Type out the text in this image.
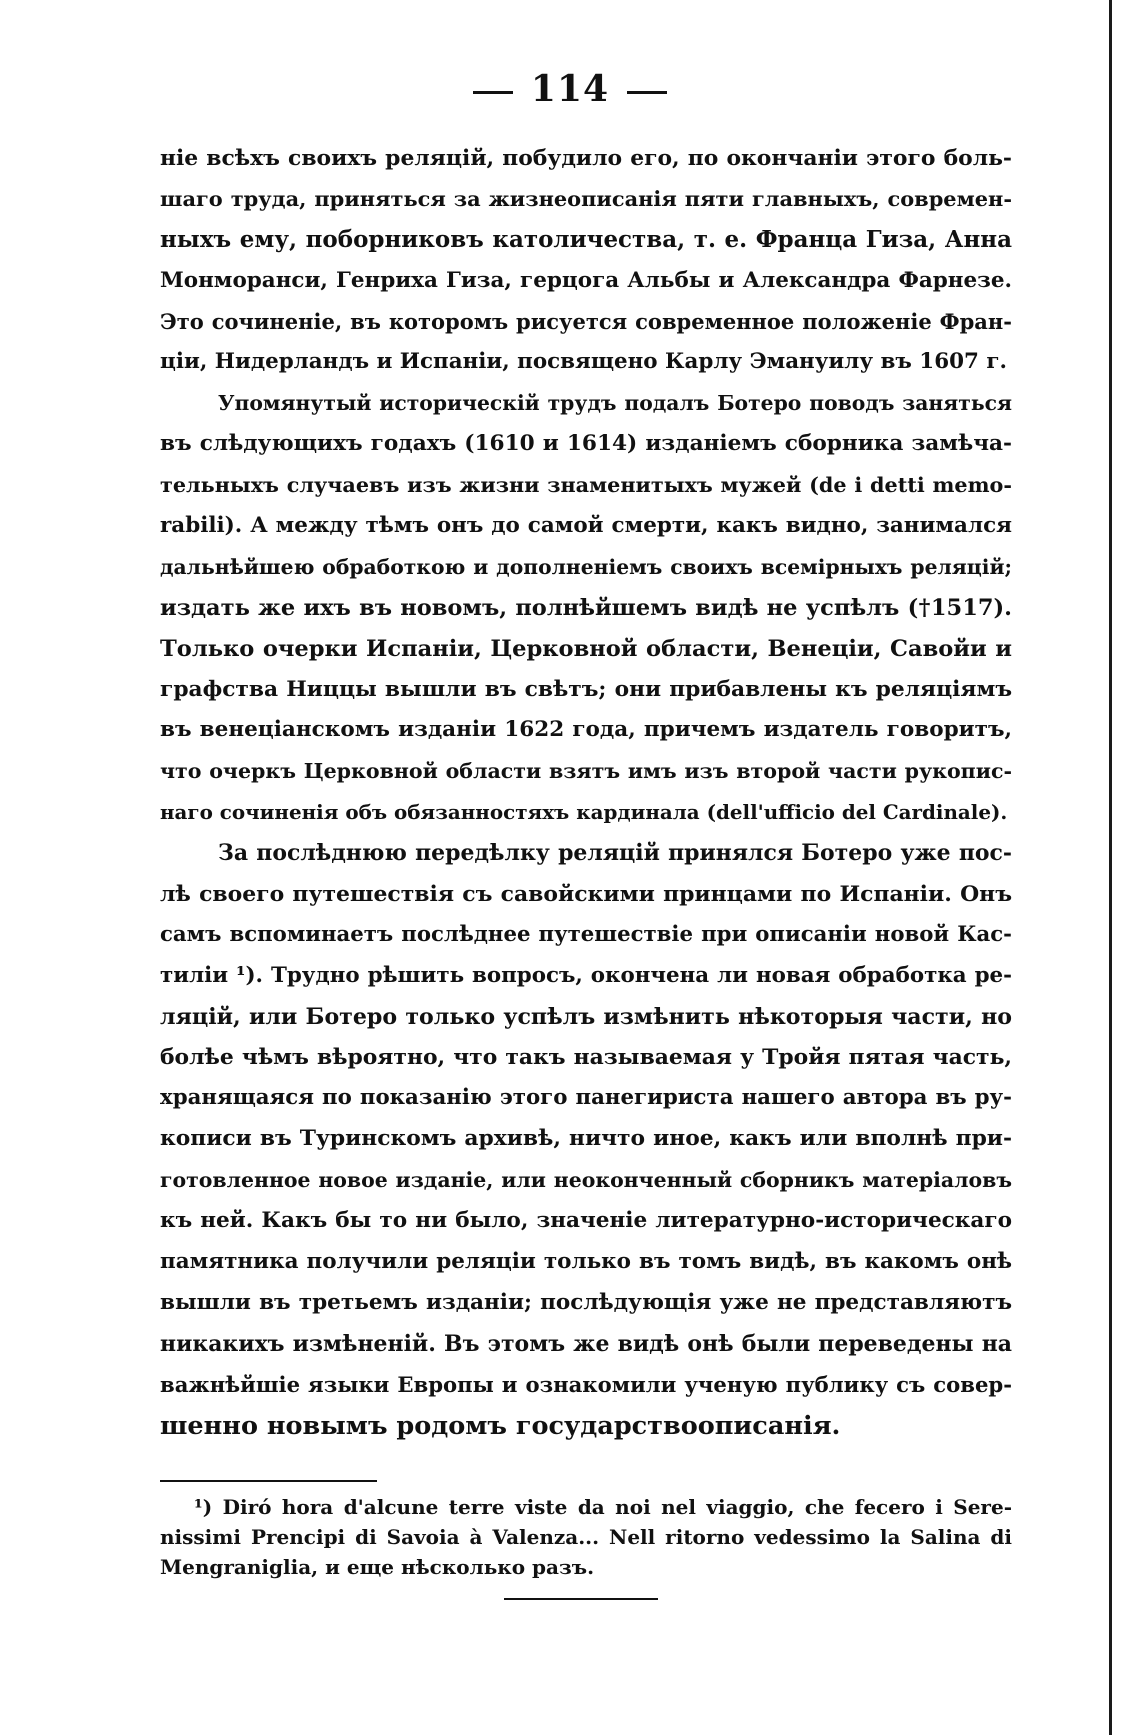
114
ніе всѣхъ своихъ реляцій, побудило его, по окончаніи этого боль-
шаго труда, приняться за жизнеописанія пяти главныхъ, современ-
ныхъ ему, поборниковъ католичества, т. е. Франца Гиза, Анна
Монморанси, Генриха Гиза, герцога Альбы и Александра Фарнезе.
Это сочиненіе, въ которомъ рисуется современное положеніе Фран-
ціи, Нидерландъ и Испаніи, посвящено Карлу Эмануилу въ 1607 г.
Упомянутый историческій трудъ подалъ Ботеро поводъ заняться
въ слѣдующихъ годахъ (1610 и 1614) изданіемъ сборника замѣча-
тельныхъ случаевъ изъ жизни знаменитыхъ мужей (de i detti memo-
rabili). А между тѣмъ онъ до самой смерти, какъ видно, занимался
дальнѣйшею обработкою и дополненіемъ своихъ всемірныхъ реляцій;
издать же ихъ въ новомъ, полнѣйшемъ видѣ не успѣлъ (†1517).
Только очерки Испаніи, Церковной области, Венеціи, Савойи и
графства Ниццы вышли въ свѣтъ; они прибавлены къ реляціямъ
въ венеціанскомъ изданіи 1622 года, причемъ издатель говоритъ,
что очеркъ Церковной области взятъ имъ изъ второй части рукопис-
наго сочиненія объ обязанностяхъ кардинала (dell'ufficio del Cardinale).
За послѣднюю передѣлку реляцій принялся Ботеро уже пос-
лѣ своего путешествія съ савойскими принцами по Испаніи. Онъ
самъ вспоминаетъ послѣднее путешествіе при описаніи новой Кас-
тиліи ¹). Трудно рѣшить вопросъ, окончена ли новая обработка ре-
ляцій, или Ботеро только успѣлъ измѣнить нѣкоторыя части, но
болѣе чѣмъ вѣроятно, что такъ называемая у Тройя пятая часть,
хранящаяся по показанію этого панегириста нашего автора въ ру-
кописи въ Туринскомъ архивѣ, ничто иное, какъ или вполнѣ при-
готовленное новое изданіе, или неоконченный сборникъ матеріаловъ
къ ней. Какъ бы то ни было, значеніе литературно-историческаго
памятника получили реляціи только въ томъ видѣ, въ какомъ онѣ
вышли въ третьемъ изданіи; послѣдующія уже не представляютъ
никакихъ измѣненій. Въ этомъ же видѣ онѣ были переведены на
важнѣйшіе языки Европы и ознакомили ученую публику съ совер-
шенно новымъ родомъ государствоописанія.
¹) Diró hora d'alcune terre viste da noi nel viaggio, che fecero i Sere-
nissimi Prencipi di Savoia à Valenza... Nell ritorno vedessimo la Salina di
Mengraniglia, и еще нѣсколько разъ.
